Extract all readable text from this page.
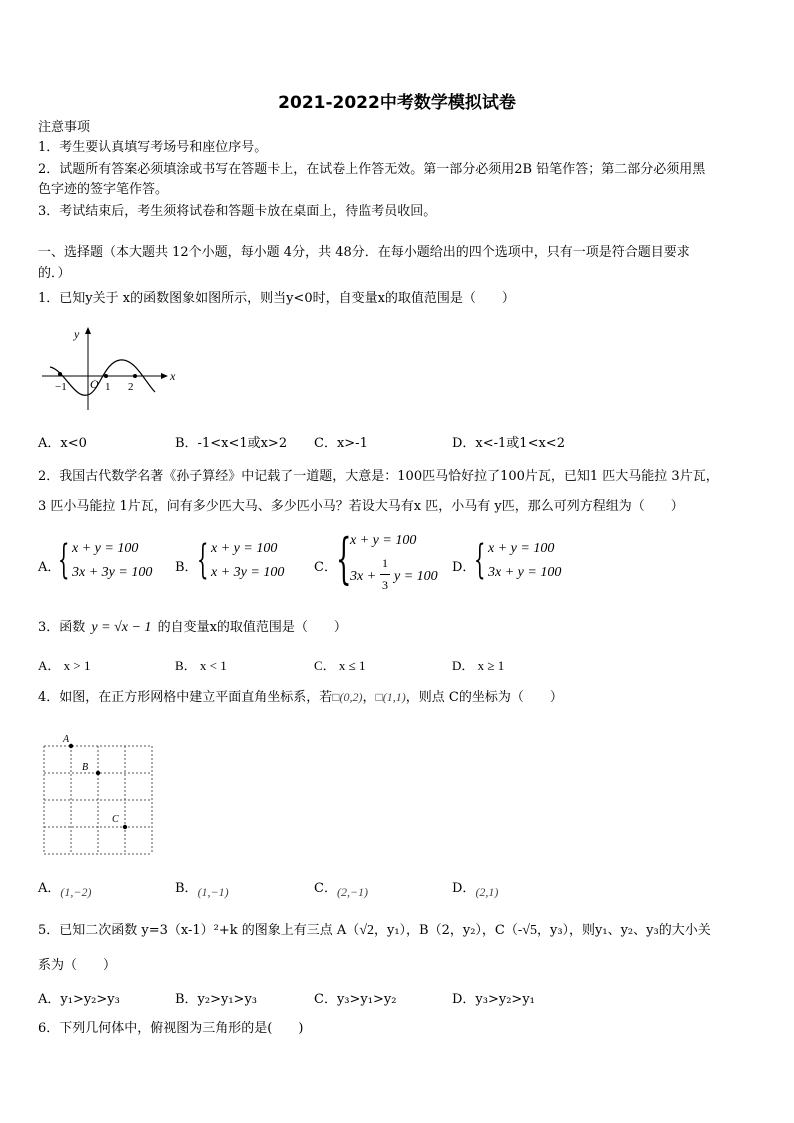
2021-2022中考数学模拟试卷
注意事项
1．考生要认真填写考场号和座位序号。
2．试题所有答案必须填涂或书写在答题卡上，在试卷上作答无效。第一部分必须用2B 铅笔作答；第二部分必须用黑
色字迹的签字笔作答。
3．考试结束后，考生须将试卷和答题卡放在桌面上，待监考员收回。
一、选择题（本大题共 12个小题，每小题 4分，共 48分．在每小题给出的四个选项中，只有一项是符合题目要求
的．）
1．已知y关于 x的函数图象如图所示，则当y<0时，自变量x的取值范围是（　　）
y
x
−1 O 1 2
A．x<0	B．-1<x<1或x>2 C．x>-1	D．x<-1或1<x<2
2．我国古代数学名著《孙子算经》中记载了一道题，大意是：100匹马恰好拉了100片瓦，已知1 匹大马能拉 3片瓦，
3 匹小马能拉 1片瓦，问有多少匹大马、多少匹小马？若设大马有x 匹，小马有 y匹，那么可列方程组为（　　）
A．
{ x + y = 100
3x + 3y = 100 B． { x + y = 100
x + 3y = 100 C． {
x + y = 100
3x +
1
3
y = 100
D．
{ x + y = 100
3x + y = 100
3．函数 y = √x − 1 的自变量x的取值范围是（　　）
A． x > 1	B． x < 1	C． x ≤ 1	D． x ≥ 1
4．如图，在正方形网格中建立平面直角坐标系，若□(0,2)，□(1,1)，则点 C的坐标为（　　）
A
B
C
A．(1,−2)	B．(1,−1)	C．(2,−1)	D．(2,1)
5．已知二次函数 y=3（x-1）²+k 的图象上有三点 A（√2，y₁），B（2，y₂），C（-√5，y₃），则y₁、y₂、y₃的大小关
系为（　　）
A．y₁>y₂>y₃	B．y₂>y₁>y₃	C．y₃>y₁>y₂	D．y₃>y₂>y₁
6．下列几何体中，俯视图为三角形的是(　　)
